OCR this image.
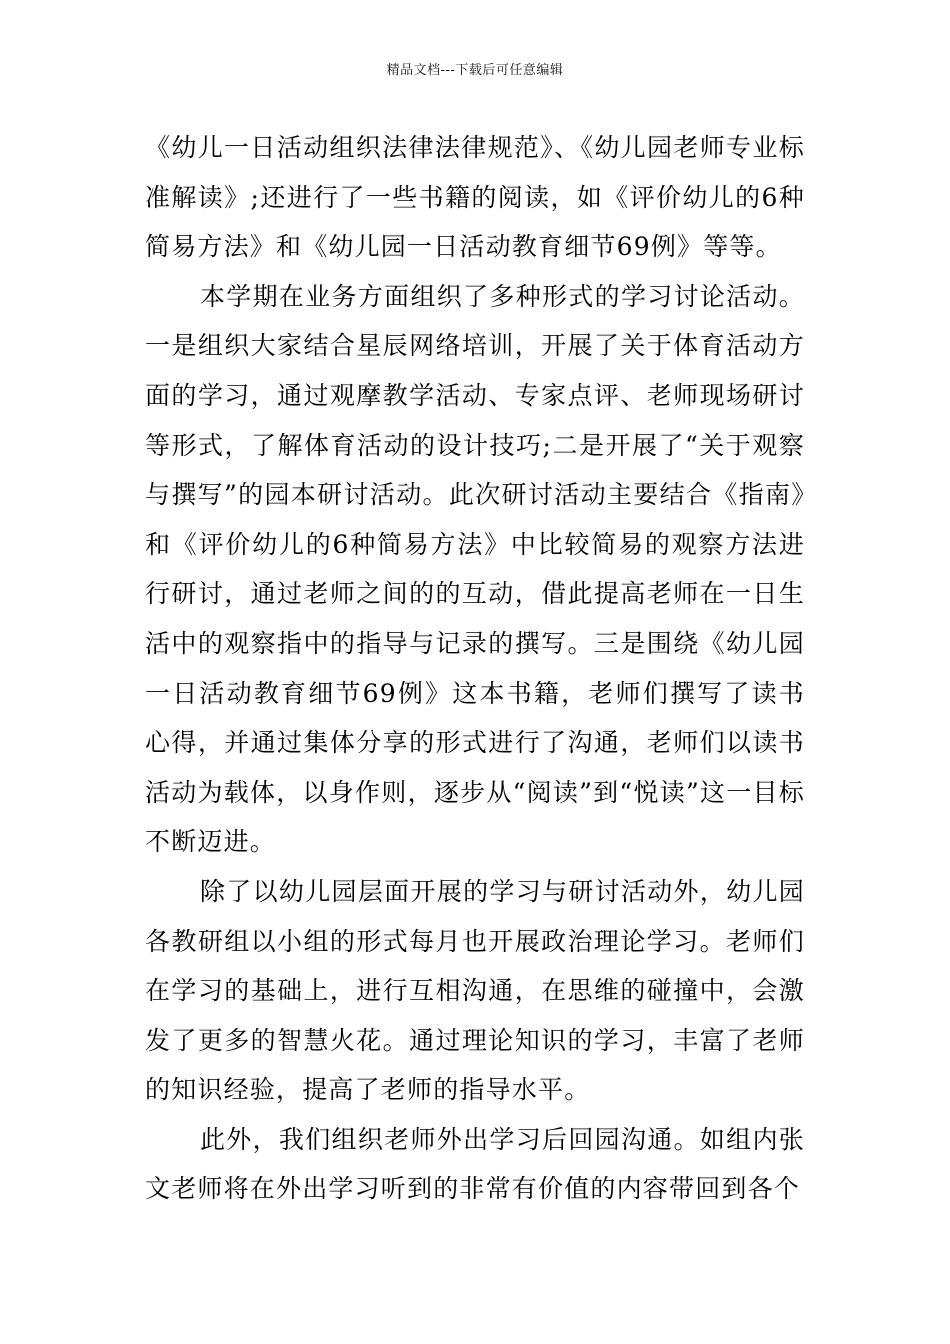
精品文档---下载后可任意编辑

《幼儿一日活动组织法律法律规范》、《幼儿园老师专业标准解读》;还进行了一些书籍的阅读，如《评价幼儿的6种简易方法》和《幼儿园一日活动教育细节69例》等等。

本学期在业务方面组织了多种形式的学习讨论活动。一是组织大家结合星辰网络培训，开展了关于体育活动方面的学习，通过观摩教学活动、专家点评、老师现场研讨等形式，了解体育活动的设计技巧;二是开展了“关于观察与撰写”的园本研讨活动。此次研讨活动主要结合《指南》和《评价幼儿的6种简易方法》中比较简易的观察方法进行研讨，通过老师之间的的互动，借此提高老师在一日生活中的观察指中的指导与记录的撰写。三是围绕《幼儿园一日活动教育细节69例》这本书籍，老师们撰写了读书心得，并通过集体分享的形式进行了沟通，老师们以读书活动为载体，以身作则，逐步从“阅读”到“悦读”这一目标不断迈进。

除了以幼儿园层面开展的学习与研讨活动外，幼儿园各教研组以小组的形式每月也开展政治理论学习。老师们在学习的基础上，进行互相沟通，在思维的碰撞中，会激发了更多的智慧火花。通过理论知识的学习，丰富了老师的知识经验，提高了老师的指导水平。

此外，我们组织老师外出学习后回园沟通。如组内张文老师将在外出学习听到的非常有价值的内容带回到各个
